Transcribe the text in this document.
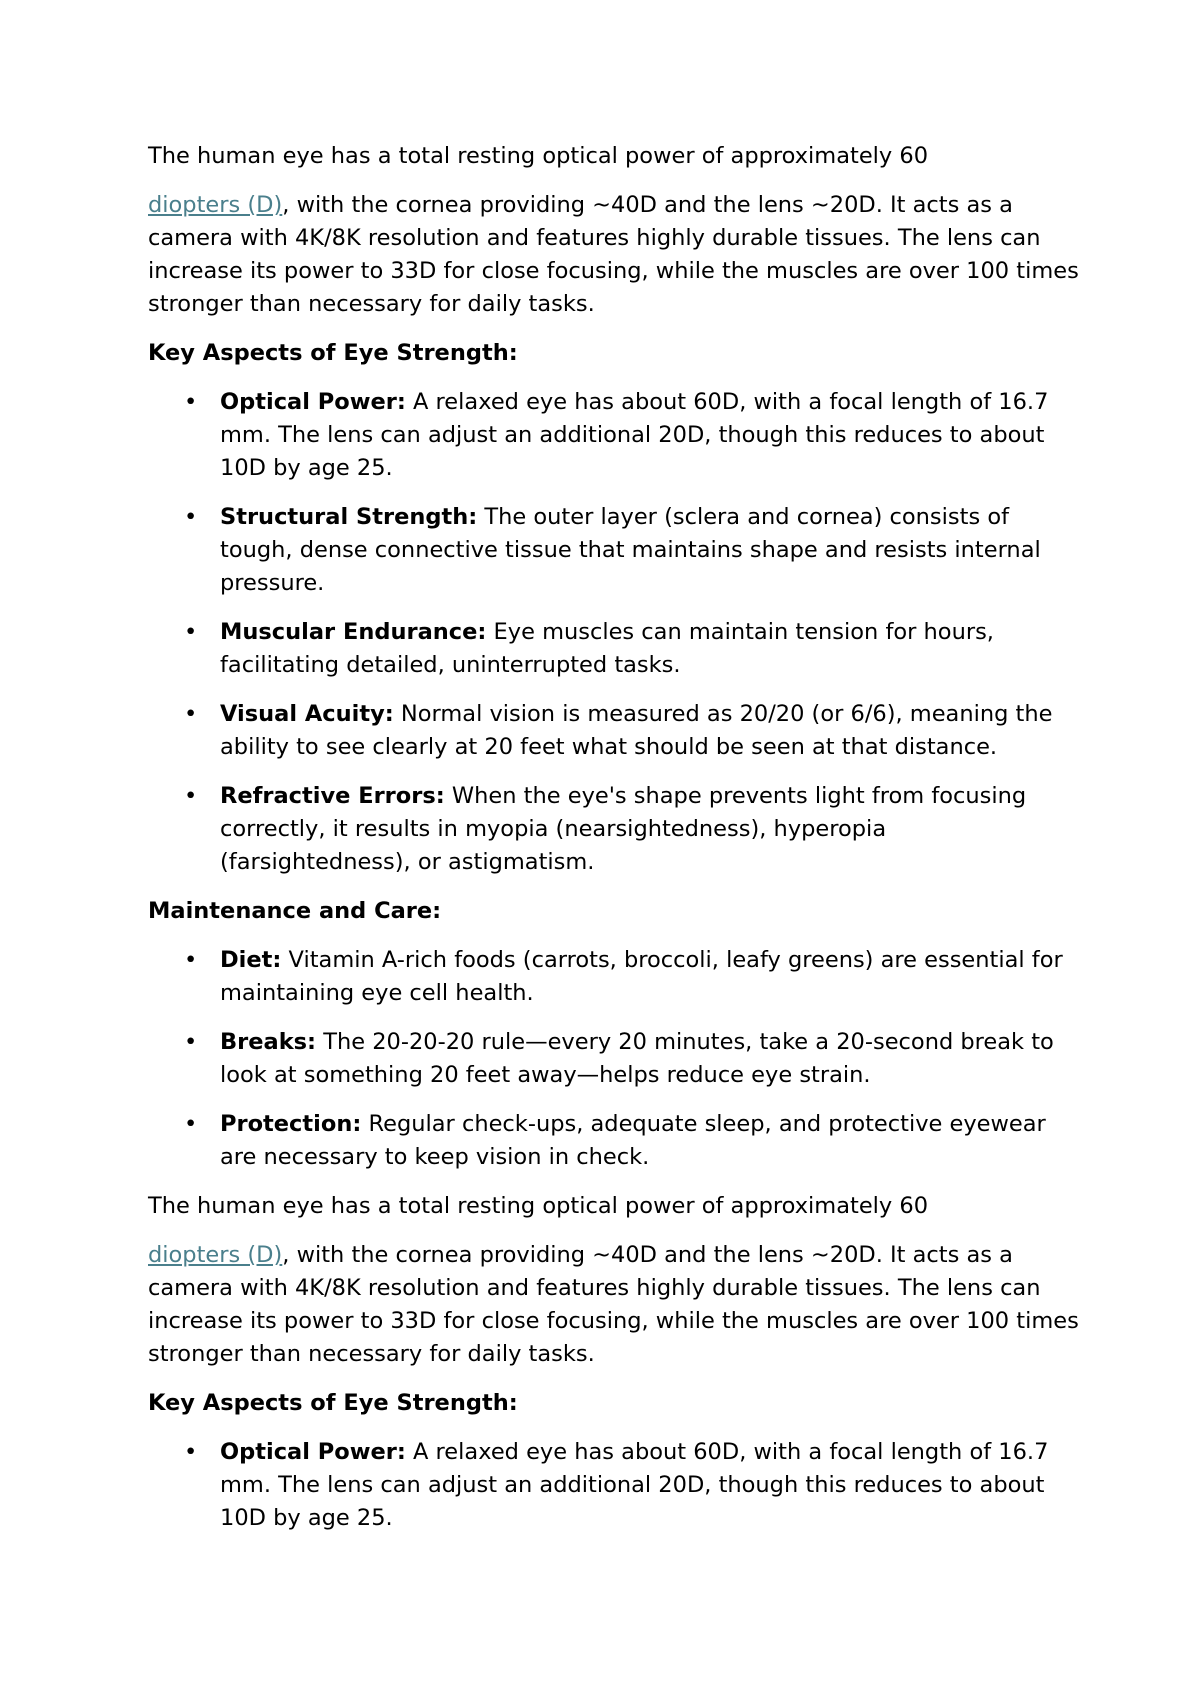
The human eye has a total resting optical power of approximately 60

diopters (D), with the cornea providing ~40D and the lens ~20D. It acts as a camera with 4K/8K resolution and features highly durable tissues. The lens can increase its power to 33D for close focusing, while the muscles are over 100 times stronger than necessary for daily tasks.

Key Aspects of Eye Strength:

• Optical Power: A relaxed eye has about 60D, with a focal length of 16.7 mm. The lens can adjust an additional 20D, though this reduces to about 10D by age 25.
• Structural Strength: The outer layer (sclera and cornea) consists of tough, dense connective tissue that maintains shape and resists internal pressure.
• Muscular Endurance: Eye muscles can maintain tension for hours, facilitating detailed, uninterrupted tasks.
• Visual Acuity: Normal vision is measured as 20/20 (or 6/6), meaning the ability to see clearly at 20 feet what should be seen at that distance.
• Refractive Errors: When the eye's shape prevents light from focusing correctly, it results in myopia (nearsightedness), hyperopia (farsightedness), or astigmatism.

Maintenance and Care:

• Diet: Vitamin A-rich foods (carrots, broccoli, leafy greens) are essential for maintaining eye cell health.
• Breaks: The 20-20-20 rule—every 20 minutes, take a 20-second break to look at something 20 feet away—helps reduce eye strain.
• Protection: Regular check-ups, adequate sleep, and protective eyewear are necessary to keep vision in check.

The human eye has a total resting optical power of approximately 60

diopters (D), with the cornea providing ~40D and the lens ~20D. It acts as a camera with 4K/8K resolution and features highly durable tissues. The lens can increase its power to 33D for close focusing, while the muscles are over 100 times stronger than necessary for daily tasks.

Key Aspects of Eye Strength:

• Optical Power: A relaxed eye has about 60D, with a focal length of 16.7 mm. The lens can adjust an additional 20D, though this reduces to about 10D by age 25.
